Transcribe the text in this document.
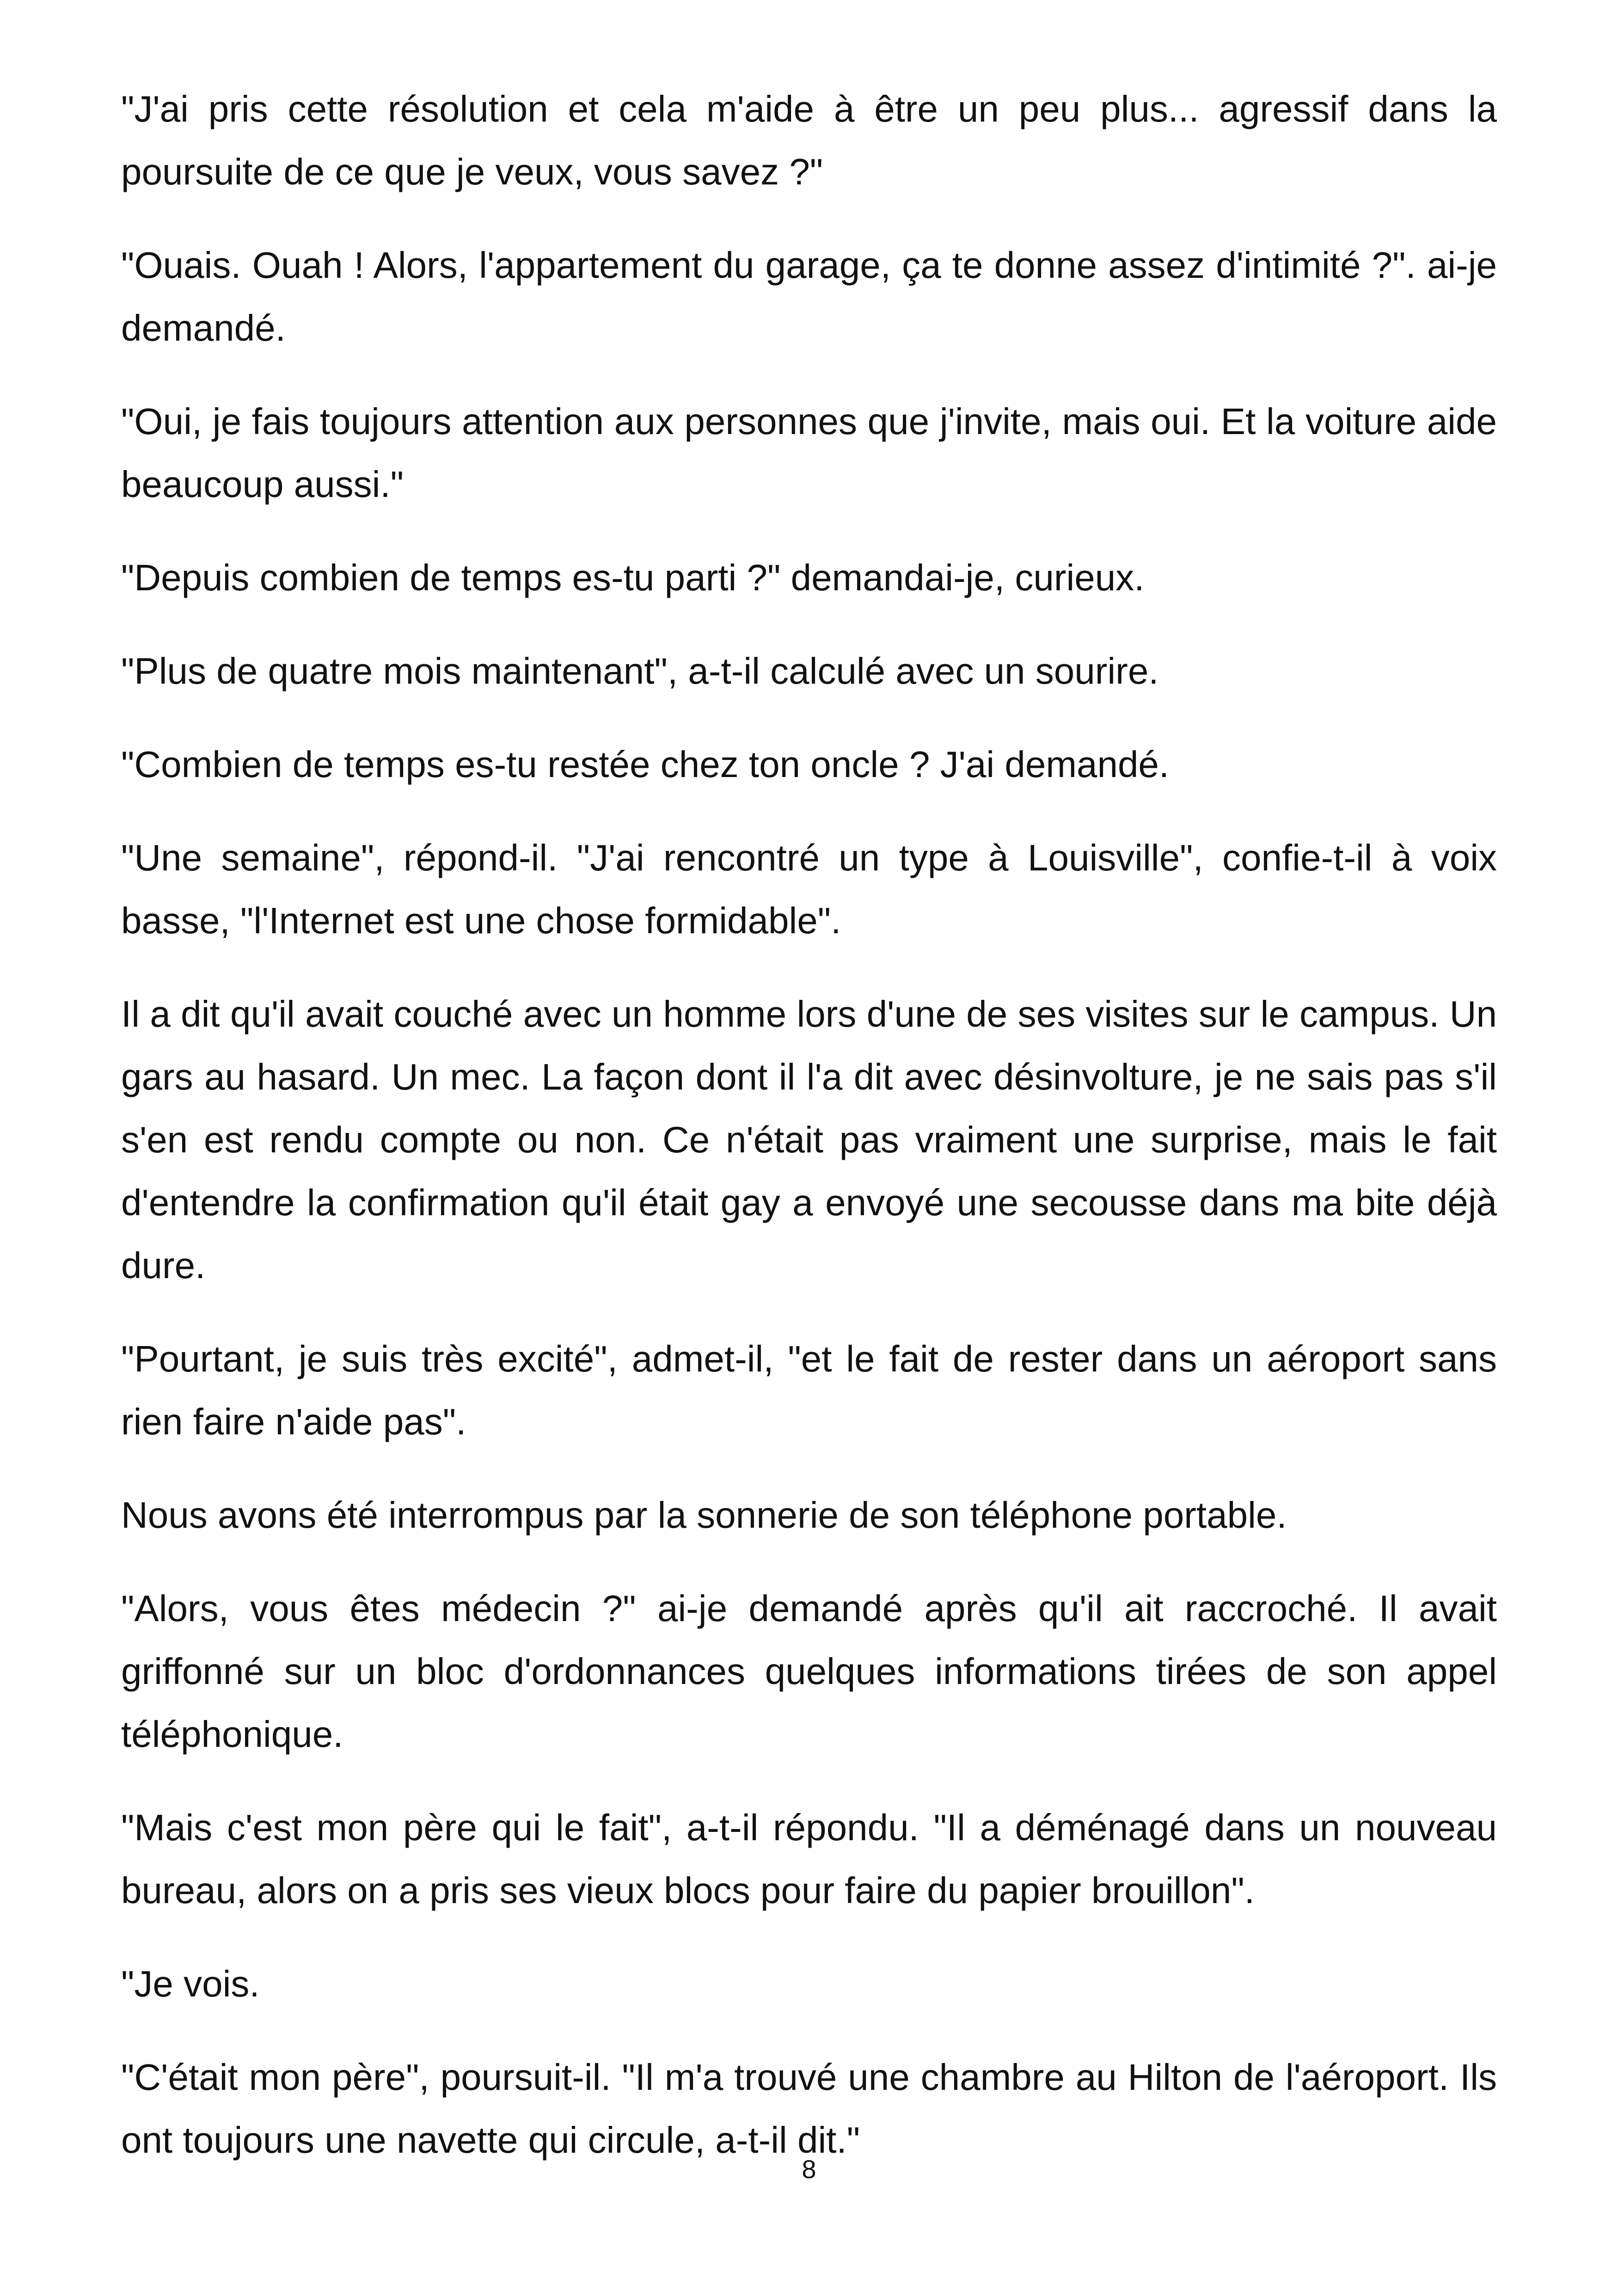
"J'ai pris cette résolution et cela m'aide à être un peu plus... agressif dans la poursuite de ce que je veux, vous savez ?"

"Ouais. Ouah ! Alors, l'appartement du garage, ça te donne assez d'intimité ?". ai-je demandé.

"Oui, je fais toujours attention aux personnes que j'invite, mais oui. Et la voiture aide beaucoup aussi."

"Depuis combien de temps es-tu parti ?" demandai-je, curieux.

"Plus de quatre mois maintenant", a-t-il calculé avec un sourire.

"Combien de temps es-tu restée chez ton oncle ? J'ai demandé.

"Une semaine", répond-il. "J'ai rencontré un type à Louisville", confie-t-il à voix basse, "l'Internet est une chose formidable".

Il a dit qu'il avait couché avec un homme lors d'une de ses visites sur le campus. Un gars au hasard. Un mec. La façon dont il l'a dit avec désinvolture, je ne sais pas s'il s'en est rendu compte ou non. Ce n'était pas vraiment une surprise, mais le fait d'entendre la confirmation qu'il était gay a envoyé une secousse dans ma bite déjà dure.

"Pourtant, je suis très excité", admet-il, "et le fait de rester dans un aéroport sans rien faire n'aide pas".

Nous avons été interrompus par la sonnerie de son téléphone portable.

"Alors, vous êtes médecin ?" ai-je demandé après qu'il ait raccroché. Il avait griffonné sur un bloc d'ordonnances quelques informations tirées de son appel téléphonique.

"Mais c'est mon père qui le fait", a-t-il répondu. "Il a déménagé dans un nouveau bureau, alors on a pris ses vieux blocs pour faire du papier brouillon".

"Je vois.

"C'était mon père", poursuit-il. "Il m'a trouvé une chambre au Hilton de l'aéroport. Ils ont toujours une navette qui circule, a-t-il dit."

8
